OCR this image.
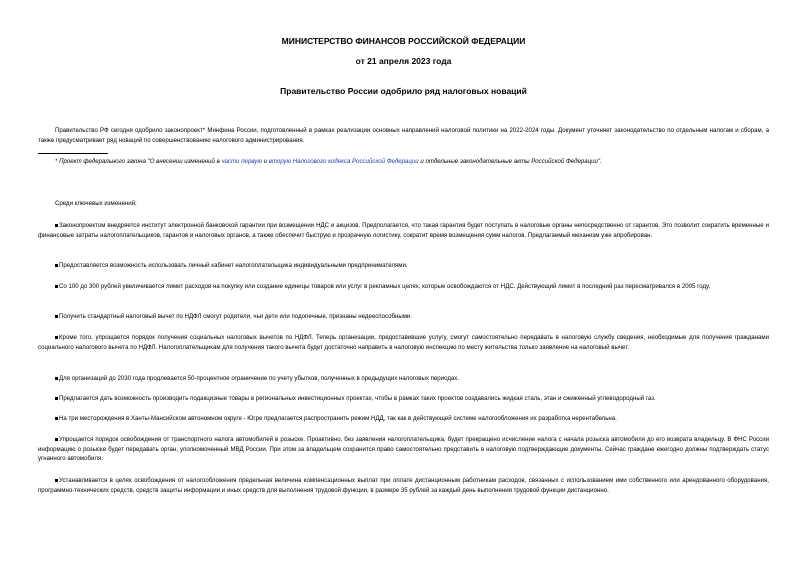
МИНИСТЕРСТВО ФИНАНСОВ РОССИЙСКОЙ ФЕДЕРАЦИИ
от 21 апреля 2023 года
Правительство России одобрило ряд налоговых новаций
Правительство РФ сегодня одобрило законопроект* Минфина России, подготовленный в рамках реализации основных направлений налоговой политики на 2022-2024 годы. Документ уточняет законодательство по отдельным налогам и сборам, а также предусматривает ряд новаций по совершенствованию налогового администрирования.
* Проект федерального закона "О внесении изменений в части первую и вторую Налогового кодекса Российской Федерации и отдельные законодательные акты Российской Федерации".
Среди ключевых изменений:
Законопроектом внедряется институт электронной банковской гарантии при возмещении НДС и акцизов. Предполагается, что такая гарантия будет поступать в налоговые органы непосредственно от гарантов. Это позволит сократить временные и финансовые затраты налогоплательщиков, гарантов и налоговых органов, а также обеспечит быструю и прозрачную логистику, сократит время возмещения сумм налогов. Предлагаемый механизм уже апробирован.
Предоставляется возможность использовать личный кабинет налогоплательщика индивидуальными предпринимателями.
Со 100 до 300 рублей увеличивается лимит расходов на покупку или создание единицы товаров или услуг в рекламных целях, которые освобождаются от НДС. Действующий лимит в последний раз пересматривался в 2005 году.
Получить стандартный налоговый вычет по НДФЛ смогут родители, чьи дети или подопечные, признаны недееспособными.
Кроме того, упрощается порядок получения социальных налоговых вычетов по НДФЛ. Теперь организации, предоставившие услугу, смогут самостоятельно передавать в налоговую службу сведения, необходимые для получения гражданами социального налогового вычета по НДФЛ. Налогоплательщикам для получения такого вычета будет достаточно направить в налоговую инспекцию по месту жительства только заявление на налоговый вычет.
Для организаций до 2030 года продлевается 50-процентное ограничение по учету убытков, полученных в предыдущих налоговых периодах.
Предлагается дать возможность производить подакцизные товары в региональных инвестиционных проектах, чтобы в рамках таких проектов создавались жидкая сталь, этан и сжиженный углеводородный газ.
На три месторождения в Ханты-Мансийском автономном округе - Югре предлагается распространить режим НДД, так как в действующей системе налогообложения их разработка нерентабельна.
Упрощается порядок освобождения от транспортного налога автомобилей в розыске. Проактивно, без заявления налогоплательщика, будет прекращено исчисление налога с начала розыска автомобиля до его возврата владельцу. В ФНС России информацию о розыске будет передавать орган, уполномоченный МВД России. При этом за владельцем сохранится право самостоятельно представить в налоговую подтверждающие документы. Сейчас граждане ежегодно должны подтверждать статус угнанного автомобиля.
Устанавливается в целях освобождения от налогообложения предельная величина компенсационных выплат при оплате дистанционным работникам расходов, связанных с использованием ими собственного или арендованного оборудования, программно-технических средств, средств защиты информации и иных средств для выполнения трудовой функции, в размере 35 рублей за каждый день выполнения трудовой функции дистанционно.
